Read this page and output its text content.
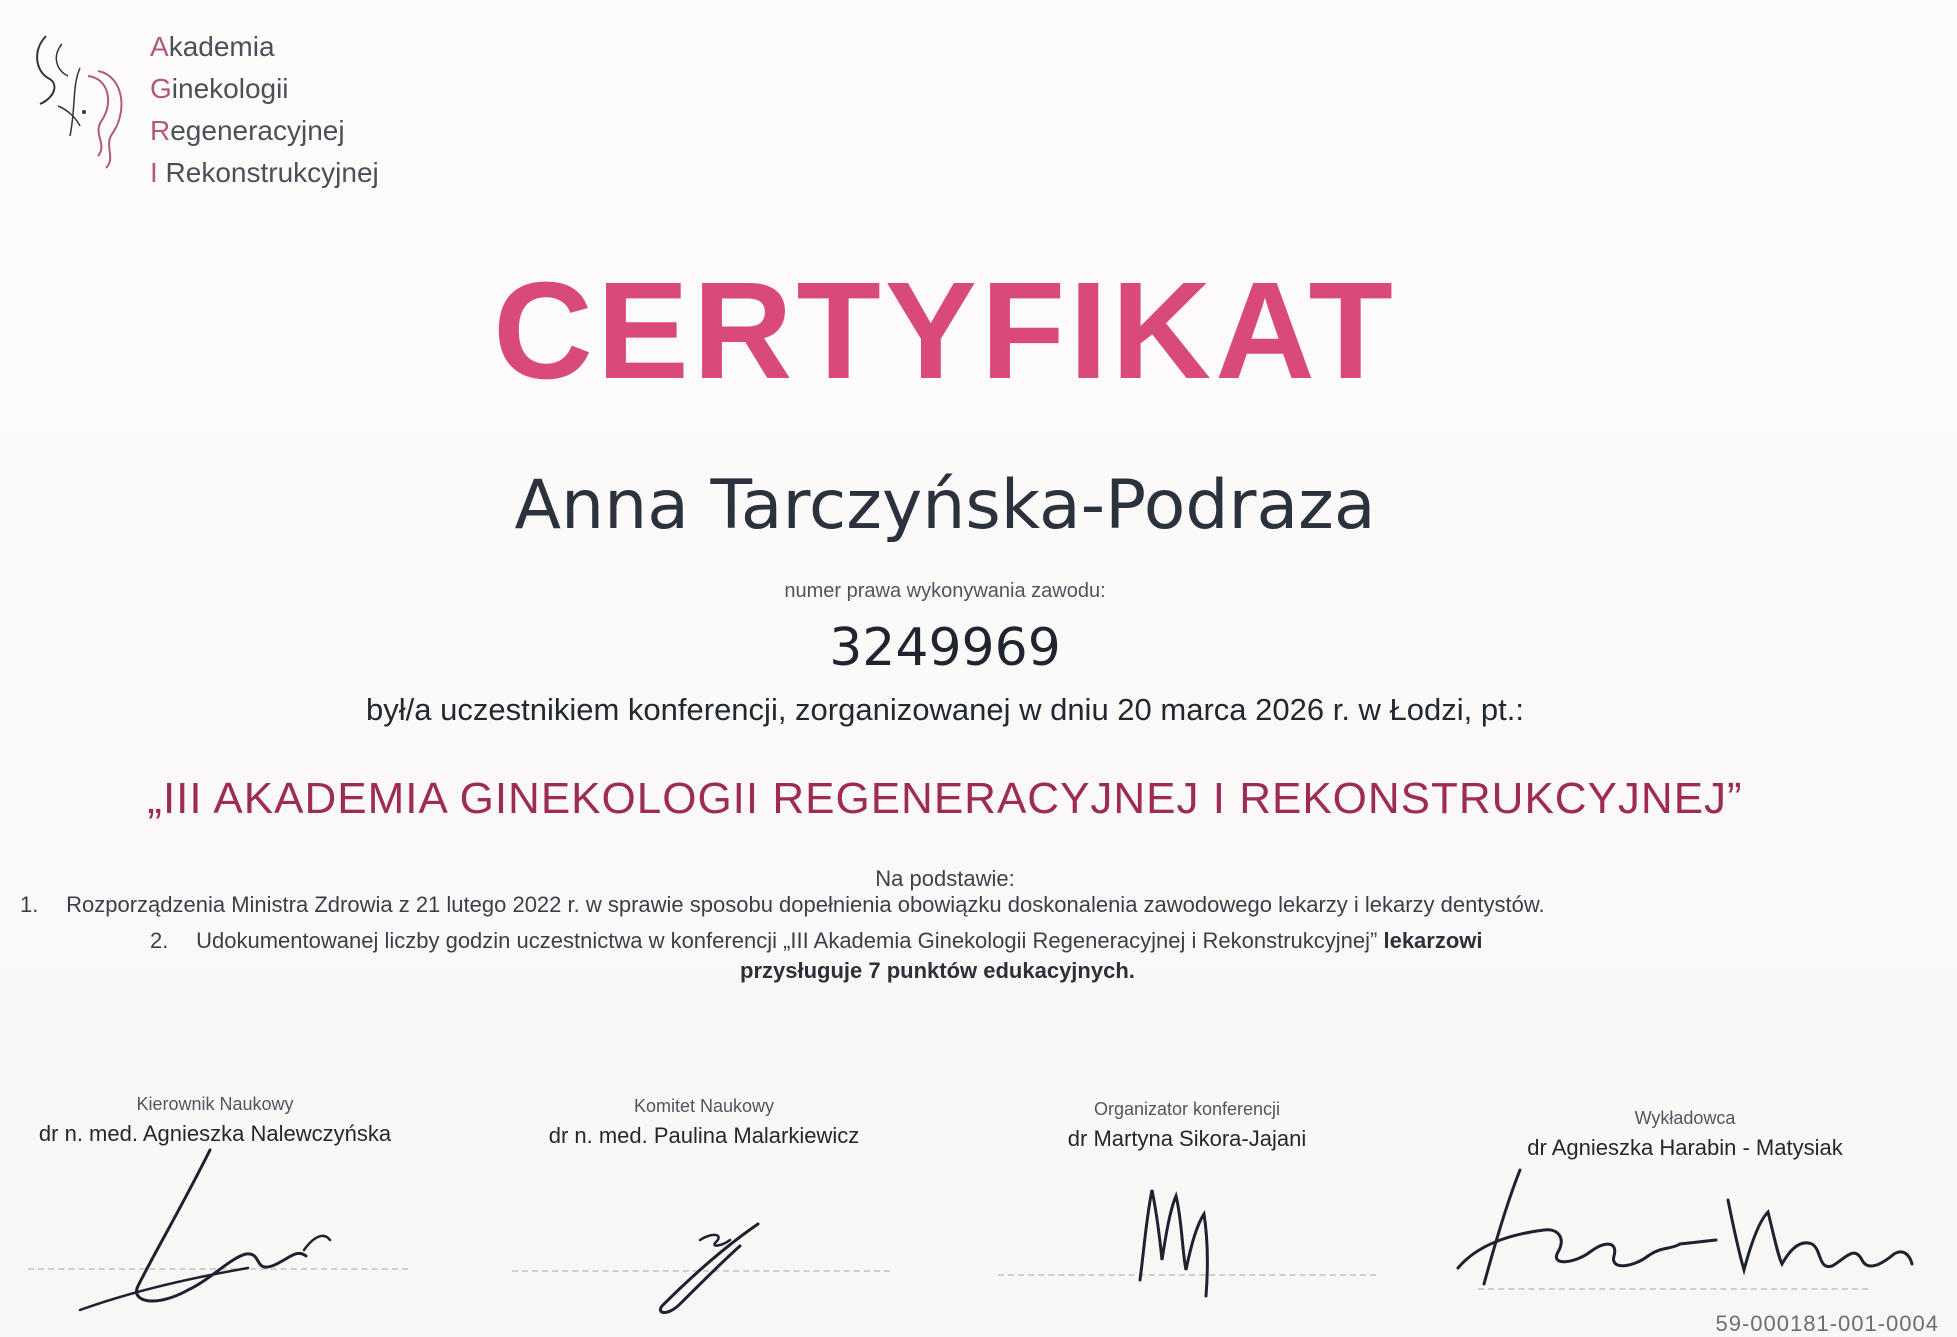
Akademia
Ginekologii
Regeneracyjnej
I Rekonstrukcyjnej
CERTYFIKAT
Anna Tarczyńska-Podraza
numer prawa wykonywania zawodu:
3249969
był/a uczestnikiem konferencji, zorganizowanej w dniu 20 marca 2026 r. w Łodzi, pt.:
„III AKADEMIA GINEKOLOGII REGENERACYJNEJ I REKONSTRUKCYJNEJ”
Na podstawie:
1. Rozporządzenia Ministra Zdrowia z 21 lutego 2022 r. w sprawie sposobu dopełnienia obowiązku doskonalenia zawodowego lekarzy i lekarzy dentystów.
2. Udokumentowanej liczby godzin uczestnictwa w konferencji „III Akademia Ginekologii Regeneracyjnej i Rekonstrukcyjnej” lekarzowi
przysługuje 7 punktów edukacyjnych.
Kierownik Naukowy
dr n. med. Agnieszka Nalewczyńska
Komitet Naukowy
dr n. med. Paulina Malarkiewicz
Organizator konferencji
dr Martyna Sikora-Jajani
Wykładowca
dr Agnieszka Harabin - Matysiak
59-000181-001-0004
